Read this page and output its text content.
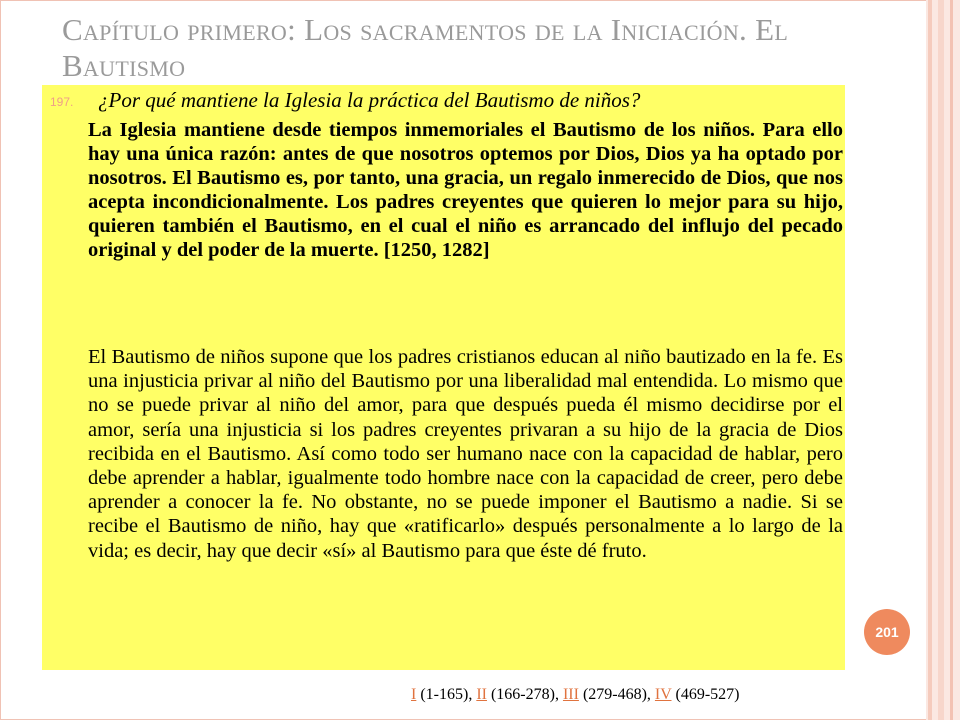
Capítulo primero: Los sacramentos de la Iniciación. El Bautismo
197. ¿Por qué mantiene la Iglesia la práctica del Bautismo de niños?

La Iglesia mantiene desde tiempos inmemoriales el Bautismo de los niños. Para ello hay una única razón: antes de que nosotros optemos por Dios, Dios ya ha optado por nosotros. El Bautismo es, por tanto, una gracia, un regalo inmerecido de Dios, que nos acepta incondicionalmente. Los padres creyentes que quieren lo mejor para su hijo, quieren también el Bautismo, en el cual el niño es arrancado del influjo del pecado original y del poder de la muerte. [1250, 1282]

El Bautismo de niños supone que los padres cristianos educan al niño bautizado en la fe. Es una injusticia privar al niño del Bautismo por una liberalidad mal entendida. Lo mismo que no se puede privar al niño del amor, para que después pueda él mismo decidirse por el amor, sería una injusticia si los padres creyentes privaran a su hijo de la gracia de Dios recibida en el Bautismo. Así como todo ser humano nace con la capacidad de hablar, pero debe aprender a hablar, igualmente todo hombre nace con la capacidad de creer, pero debe aprender a conocer la fe. No obstante, no se puede imponer el Bautismo a nadie. Si se recibe el Bautismo de niño, hay que «ratificarlo» después personalmente a lo largo de la vida; es decir, hay que decir «sí» al Bautismo para que éste dé fruto.

201
I (1-165), II (166-278), III (279-468), IV (469-527)
